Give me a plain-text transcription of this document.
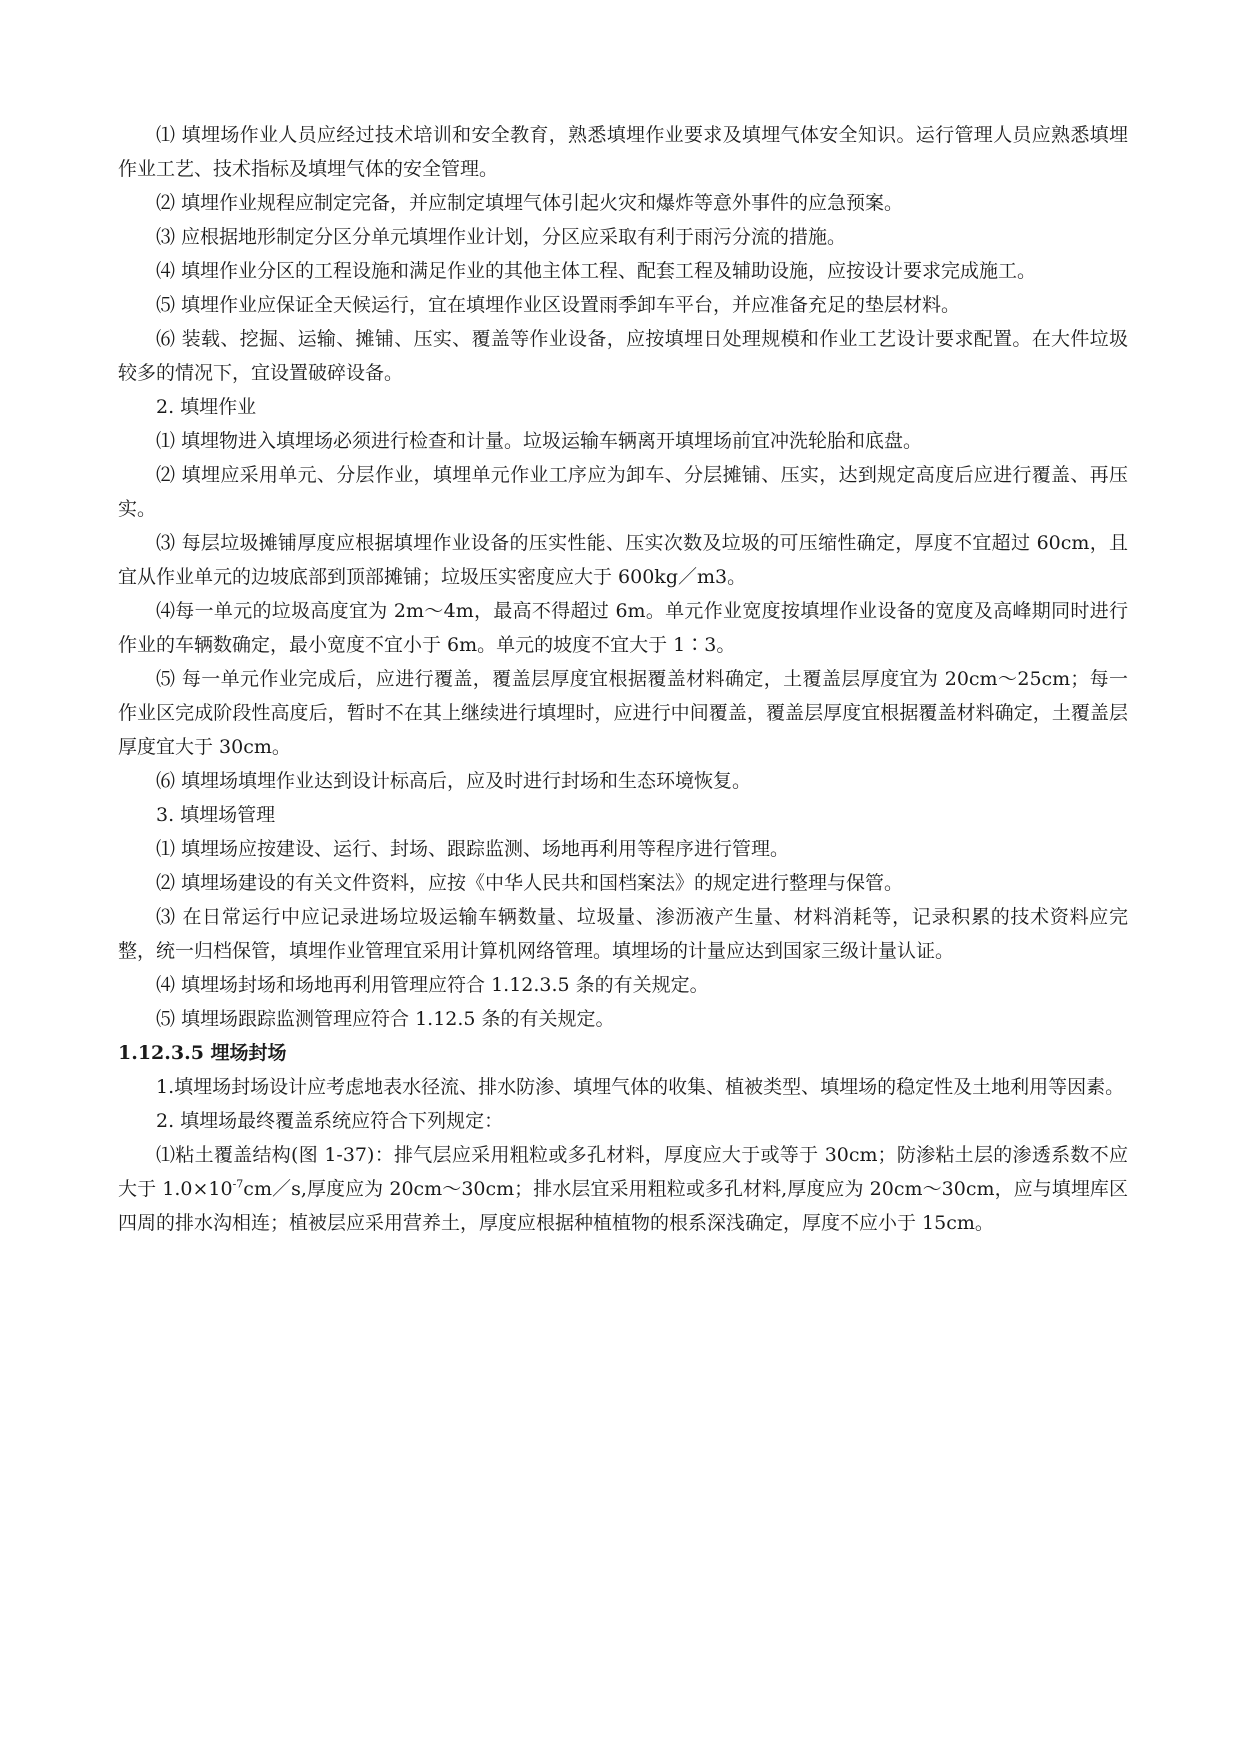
⑴ 填埋场作业人员应经过技术培训和安全教育，熟悉填埋作业要求及填埋气体安全知识。运行管理人员应熟悉填埋作业工艺、技术指标及填埋气体的安全管理。

⑵ 填埋作业规程应制定完备，并应制定填埋气体引起火灾和爆炸等意外事件的应急预案。

⑶ 应根据地形制定分区分单元填埋作业计划，分区应采取有利于雨污分流的措施。

⑷ 填埋作业分区的工程设施和满足作业的其他主体工程、配套工程及辅助设施，应按设计要求完成施工。

⑸ 填埋作业应保证全天候运行，宜在填埋作业区设置雨季卸车平台，并应准备充足的垫层材料。

⑹ 装载、挖掘、运输、摊铺、压实、覆盖等作业设备，应按填埋日处理规模和作业工艺设计要求配置。在大件垃圾较多的情况下，宜设置破碎设备。

2. 填埋作业

⑴ 填埋物进入填埋场必须进行检查和计量。垃圾运输车辆离开填埋场前宜冲洗轮胎和底盘。

⑵ 填埋应采用单元、分层作业，填埋单元作业工序应为卸车、分层摊铺、压实，达到规定高度后应进行覆盖、再压实。

⑶ 每层垃圾摊铺厚度应根据填埋作业设备的压实性能、压实次数及垃圾的可压缩性确定，厚度不宜超过 60cm，且宜从作业单元的边坡底部到顶部摊铺；垃圾压实密度应大于 600kg／m3。

⑷每一单元的垃圾高度宜为 2m～4m，最高不得超过 6m。单元作业宽度按填埋作业设备的宽度及高峰期同时进行作业的车辆数确定，最小宽度不宜小于 6m。单元的坡度不宜大于 1∶3。

⑸ 每一单元作业完成后，应进行覆盖，覆盖层厚度宜根据覆盖材料确定，土覆盖层厚度宜为 20cm～25cm；每一作业区完成阶段性高度后，暂时不在其上继续进行填埋时，应进行中间覆盖，覆盖层厚度宜根据覆盖材料确定，土覆盖层厚度宜大于 30cm。

⑹ 填埋场填埋作业达到设计标高后，应及时进行封场和生态环境恢复。

3. 填埋场管理

⑴ 填埋场应按建设、运行、封场、跟踪监测、场地再利用等程序进行管理。

⑵ 填埋场建设的有关文件资料，应按《中华人民共和国档案法》的规定进行整理与保管。

⑶ 在日常运行中应记录进场垃圾运输车辆数量、垃圾量、渗沥液产生量、材料消耗等，记录积累的技术资料应完整，统一归档保管，填埋作业管理宜采用计算机网络管理。填埋场的计量应达到国家三级计量认证。

⑷ 填埋场封场和场地再利用管理应符合 1.12.3.5 条的有关规定。

⑸ 填埋场跟踪监测管理应符合 1.12.5 条的有关规定。

1.12.3.5 埋场封场

1.填埋场封场设计应考虑地表水径流、排水防渗、填埋气体的收集、植被类型、填埋场的稳定性及土地利用等因素。

2. 填埋场最终覆盖系统应符合下列规定：

⑴粘土覆盖结构(图 1-37)：排气层应采用粗粒或多孔材料，厚度应大于或等于 30cm；防渗粘土层的渗透系数不应大于 $1.0\times 10^{-7}cm/s$,厚度应为 20cm～30cm；排水层宜采用粗粒或多孔材料,厚度应为 20cm～30cm，应与填埋库区四周的排水沟相连；植被层应采用营养土，厚度应根据种植植物的根系深浅确定，厚度不应小于 15cm。
